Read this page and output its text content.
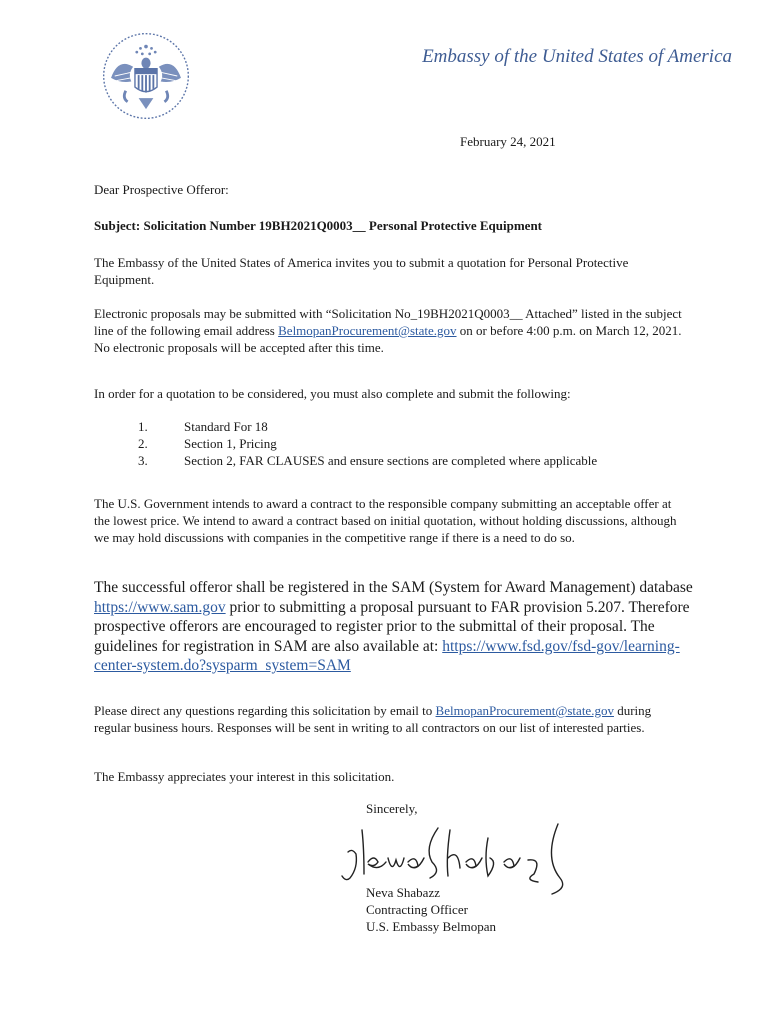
Embassy of the United States of America
February 24, 2021
Dear Prospective Offeror:
Subject: Solicitation Number 19BH2021Q0003__ Personal Protective Equipment
The Embassy of the United States of America invites you to submit a quotation for Personal Protective Equipment.
Electronic proposals may be submitted with “Solicitation No_19BH2021Q0003__ Attached” listed in the subject line of the following email address BelmopanProcurement@state.gov on or before 4:00 p.m. on March 12, 2021. No electronic proposals will be accepted after this time.
In order for a quotation to be considered, you must also complete and submit the following:
1.	Standard For 18
2.	Section 1, Pricing
3.	Section 2, FAR CLAUSES and ensure sections are completed where applicable
The U.S. Government intends to award a contract to the responsible company submitting an acceptable offer at the lowest price. We intend to award a contract based on initial quotation, without holding discussions, although we may hold discussions with companies in the competitive range if there is a need to do so.
The successful offeror shall be registered in the SAM (System for Award Management) database https://www.sam.gov prior to submitting a proposal pursuant to FAR provision 5.207. Therefore prospective offerors are encouraged to register prior to the submittal of their proposal. The guidelines for registration in SAM are also available at: https://www.fsd.gov/fsd-gov/learning-center-system.do?sysparm_system=SAM
Please direct any questions regarding this solicitation by email to BelmopanProcurement@state.gov during regular business hours. Responses will be sent in writing to all contractors on our list of interested parties.
The Embassy appreciates your interest in this solicitation.
Sincerely,
Neva Shabazz
Contracting Officer
U.S. Embassy Belmopan
